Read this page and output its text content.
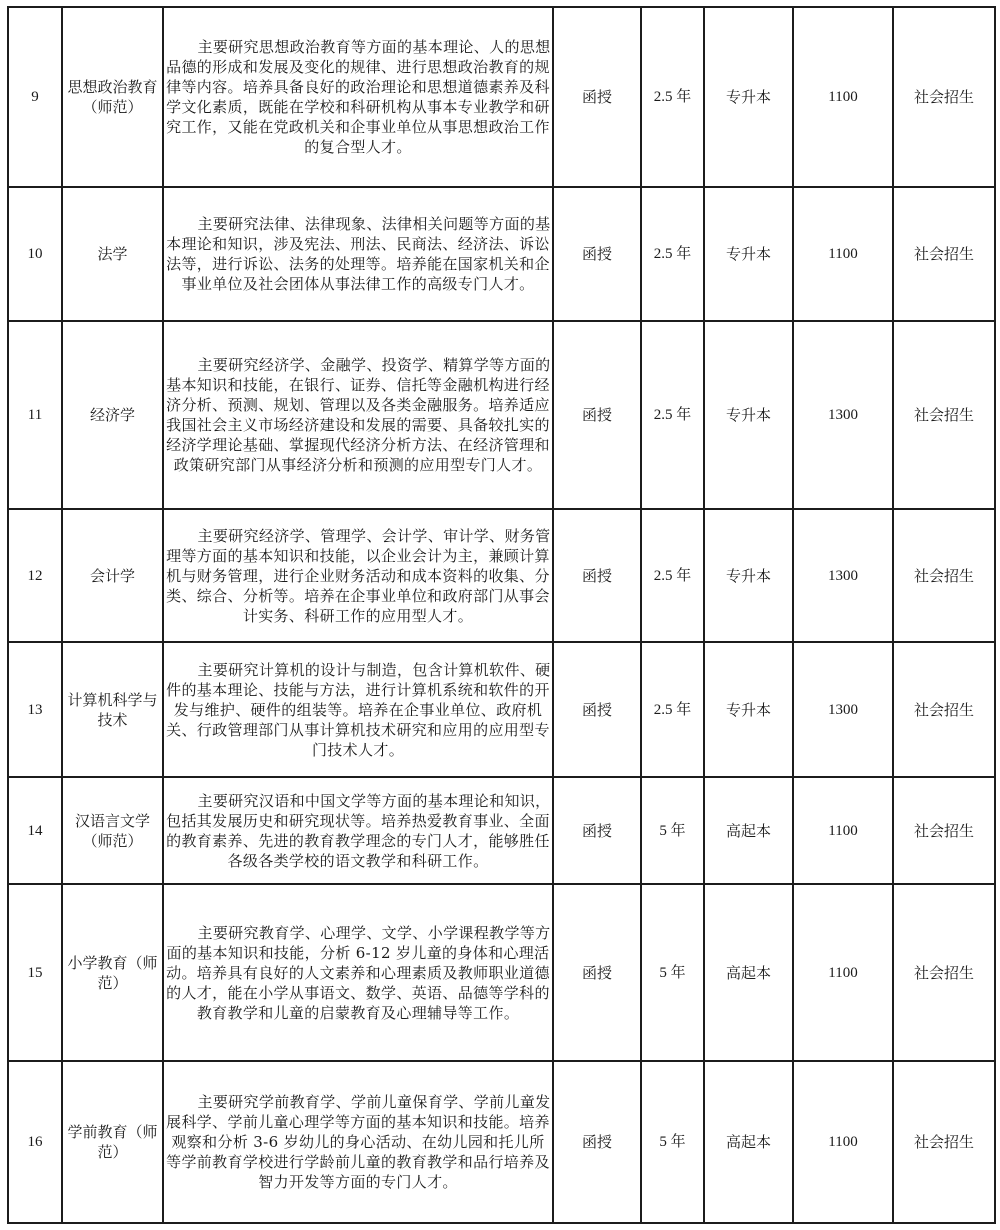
9	思想政治教育（师范）	主要研究思想政治教育等方面的基本理论、人的思想品德的形成和发展及变化的规律、进行思想政治教育的规律等内容。培养具备良好的政治理论和思想道德素养及科学文化素质，既能在学校和科研机构从事本专业教学和研究工作，又能在党政机关和企事业单位从事思想政治工作的复合型人才。	函授	2.5 年	专升本	1100	社会招生
10	法学	主要研究法律、法律现象、法律相关问题等方面的基本理论和知识，涉及宪法、刑法、民商法、经济法、诉讼法等，进行诉讼、法务的处理等。培养能在国家机关和企事业单位及社会团体从事法律工作的高级专门人才。	函授	2.5 年	专升本	1100	社会招生
11	经济学	主要研究经济学、金融学、投资学、精算学等方面的基本知识和技能，在银行、证券、信托等金融机构进行经济分析、预测、规划、管理以及各类金融服务。培养适应我国社会主义市场经济建设和发展的需要、具备较扎实的经济学理论基础、掌握现代经济分析方法、在经济管理和政策研究部门从事经济分析和预测的应用型专门人才。	函授	2.5 年	专升本	1300	社会招生
12	会计学	主要研究经济学、管理学、会计学、审计学、财务管理等方面的基本知识和技能，以企业会计为主，兼顾计算机与财务管理，进行企业财务活动和成本资料的收集、分类、综合、分析等。培养在企事业单位和政府部门从事会计实务、科研工作的应用型人才。	函授	2.5 年	专升本	1300	社会招生
13	计算机科学与技术	主要研究计算机的设计与制造，包含计算机软件、硬件的基本理论、技能与方法，进行计算机系统和软件的开发与维护、硬件的组装等。培养在企事业单位、政府机关、行政管理部门从事计算机技术研究和应用的应用型专门技术人才。	函授	2.5 年	专升本	1300	社会招生
14	汉语言文学（师范）	主要研究汉语和中国文学等方面的基本理论和知识，包括其发展历史和研究现状等。培养热爱教育事业、全面的教育素养、先进的教育教学理念的专门人才，能够胜任各级各类学校的语文教学和科研工作。	函授	5 年	高起本	1100	社会招生
15	小学教育（师范）	主要研究教育学、心理学、文学、小学课程教学等方面的基本知识和技能，分析 6-12 岁儿童的身体和心理活动。培养具有良好的人文素养和心理素质及教师职业道德的人才，能在小学从事语文、数学、英语、品德等学科的教育教学和儿童的启蒙教育及心理辅导等工作。	函授	5 年	高起本	1100	社会招生
16	学前教育（师范）	主要研究学前教育学、学前儿童保育学、学前儿童发展科学、学前儿童心理学等方面的基本知识和技能。培养观察和分析 3-6 岁幼儿的身心活动、在幼儿园和托儿所等学前教育学校进行学龄前儿童的教育教学和品行培养及智力开发等方面的专门人才。	函授	5 年	高起本	1100	社会招生
